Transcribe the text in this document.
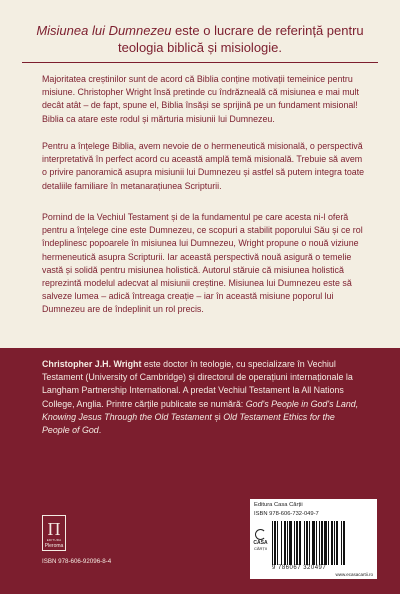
Misiunea lui Dumnezeu este o lucrare de referință pentru teologia biblică și misiologie.

Majoritatea creștinilor sunt de acord că Biblia conține motivații temeinice pentru misiune. Christopher Wright însă pretinde cu îndrăzneală că misiunea e mai mult decât atât – de fapt, spune el, Biblia însăși se sprijină pe un fundament misional! Biblia ca atare este rodul și mărturia misiunii lui Dumnezeu.

Pentru a înțelege Biblia, avem nevoie de o hermeneutică misională, o perspectivă interpretativă în perfect acord cu această amplă temă misională. Trebuie să avem o privire panoramică asupra misiunii lui Dumnezeu și astfel să putem integra toate detaliile familiare în metanarațiunea Scripturii.

Pornind de la Vechiul Testament și de la fundamentul pe care acesta ni-l oferă pentru a înțelege cine este Dumnezeu, ce scopuri a stabilit poporului Său și ce rol îndeplinesc popoarele în misiunea lui Dumnezeu, Wright propune o nouă viziune hermeneutică asupra Scripturii. Iar această perspectivă nouă asigură o temelie vastă și solidă pentru misiunea holistică. Autorul stăruie că misiunea holistică reprezintă modelul adecvat al misiunii creștine. Misiunea lui Dumnezeu este să salveze lumea – adică întreaga creație – iar în această misiune poporul lui Dumnezeu are de îndeplinit un rol precis.

Christopher J.H. Wright este doctor în teologie, cu specializare în Vechiul Testament (University of Cambridge) și directorul de operațiuni internaționale la Langham Partnership International. A predat Vechiul Testament la All Nations College, Anglia. Printre cărțile publicate se numără: God's People in God's Land, Knowing Jesus Through the Old Testament și Old Testament Ethics for the People of God.

Π
EDITURA
Pleroma
ISBN 978-606-92096-8-4
Editura Casa Cărții
ISBN 978-606-732-049-7
CASA
CĂRȚII
9 786067 320497
www.ecasacartii.ro
